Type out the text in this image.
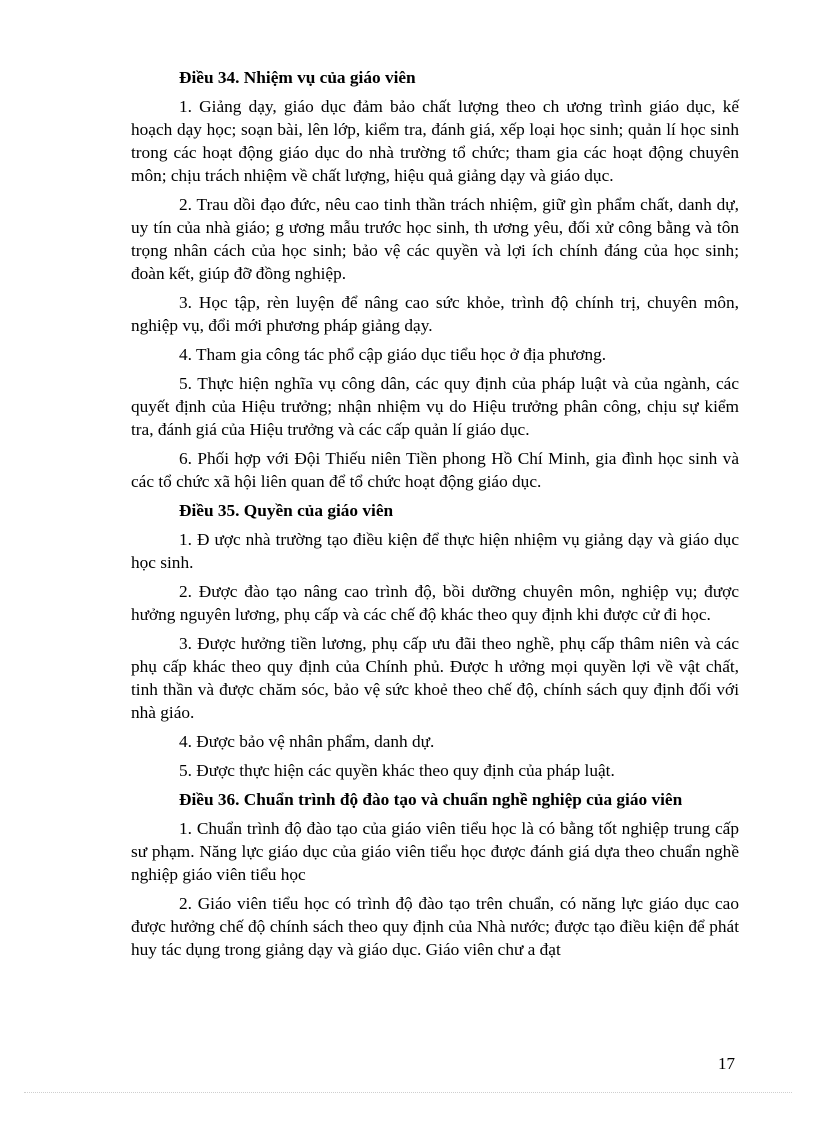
Điều 34. Nhiệm vụ của giáo viên

1. Giảng dạy, giáo dục đảm bảo chất lượng theo ch ương trình giáo dục, kế hoạch dạy học; soạn bài, lên lớp, kiểm tra, đánh giá, xếp loại học sinh; quản lí học sinh trong các hoạt động giáo dục do nhà trường tổ chức; tham gia các hoạt động chuyên môn; chịu trách nhiệm về chất lượng, hiệu quả giảng dạy và giáo dục.

2. Trau dồi đạo đức, nêu cao tinh thần trách nhiệm, giữ gìn phẩm chất, danh dự, uy tín của nhà giáo; g ương mẫu trước học sinh, th ương yêu, đối xử công bằng và tôn trọng nhân cách của học sinh; bảo vệ các quyền và lợi ích chính đáng của học sinh; đoàn kết, giúp đỡ đồng nghiệp.

3. Học tập, rèn luyện để nâng cao sức khỏe, trình độ chính trị, chuyên môn, nghiệp vụ, đổi mới phương pháp giảng dạy.

4. Tham gia công tác phổ cập giáo dục tiểu học ở địa phương.

5. Thực hiện nghĩa vụ công dân, các quy định của pháp luật và của ngành, các quyết định của Hiệu trưởng; nhận nhiệm vụ do Hiệu trưởng phân công, chịu sự kiểm tra, đánh giá của Hiệu trưởng và các cấp quản lí giáo dục.

6. Phối hợp với Đội Thiếu niên Tiền phong Hồ Chí Minh, gia đình học sinh và các tổ chức xã hội liên quan để tổ chức hoạt động giáo dục.

Điều 35. Quyền của giáo viên

1. Đ ược nhà trường tạo điều kiện để thực hiện nhiệm vụ giảng dạy và giáo dục học sinh.

2. Được đào tạo nâng cao trình độ, bồi dưỡng chuyên môn, nghiệp vụ; được hưởng nguyên lương, phụ cấp và các chế độ khác theo quy định khi được cử đi học.

3. Được hưởng tiền lương, phụ cấp ưu đãi theo nghề, phụ cấp thâm niên và các phụ cấp khác theo quy định của Chính phủ. Được h ưởng mọi quyền lợi về vật chất, tinh thần và được chăm sóc, bảo vệ sức khoẻ theo chế độ, chính sách quy định đối với nhà giáo.

4. Được bảo vệ nhân phẩm, danh dự.

5. Được thực hiện các quyền khác theo quy định của pháp luật.

Điều 36. Chuẩn trình độ đào tạo và chuẩn nghề nghiệp của giáo viên

1. Chuẩn trình độ đào tạo của giáo viên tiểu học là có bằng tốt nghiệp trung cấp sư phạm. Năng lực giáo dục của giáo viên tiểu học được đánh giá dựa theo chuẩn nghề nghiệp giáo viên tiểu học

2. Giáo viên tiểu học có trình độ đào tạo trên chuẩn, có năng lực giáo dục cao được hưởng chế độ chính sách theo quy định của Nhà nước; được tạo điều kiện để phát huy tác dụng trong giảng dạy và giáo dục. Giáo viên chư a đạt

17
